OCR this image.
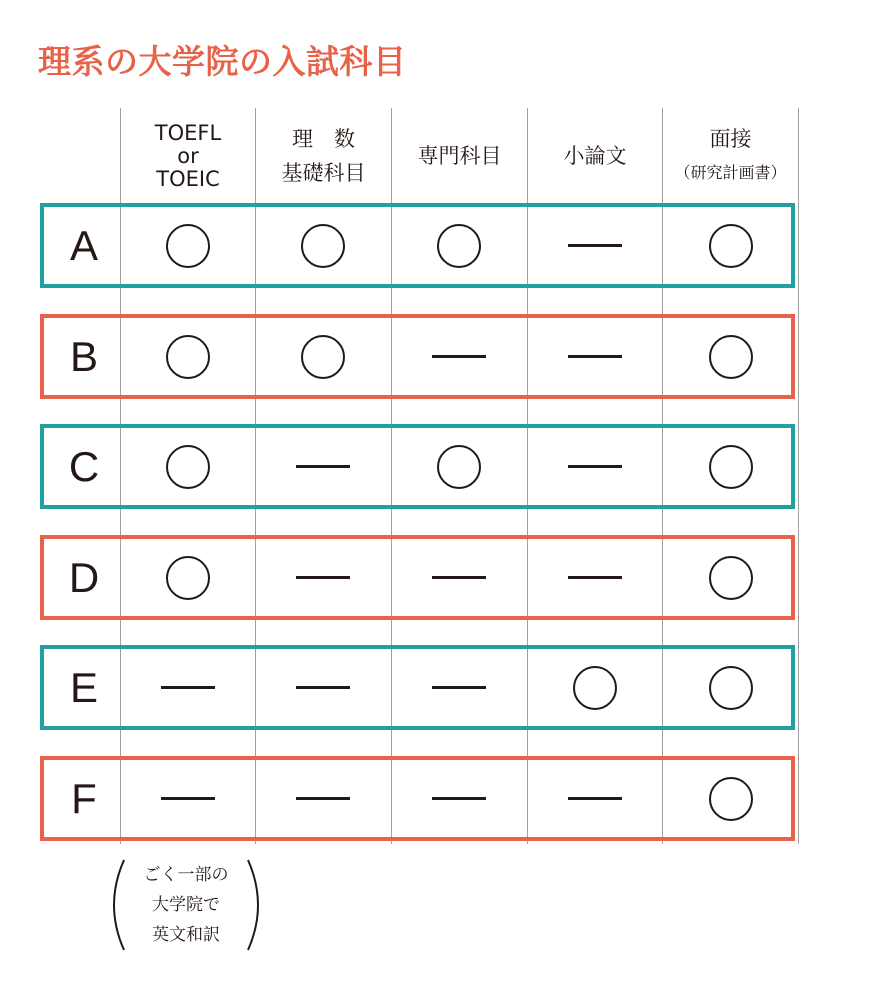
理系の大学院の入試科目
TOEFL
or
TOEIC
理　数
基礎科目
専門科目	小論文
面接
（研究計画書）
A
B
C
D
E
F
ごく一部の
大学院で
英文和訳
